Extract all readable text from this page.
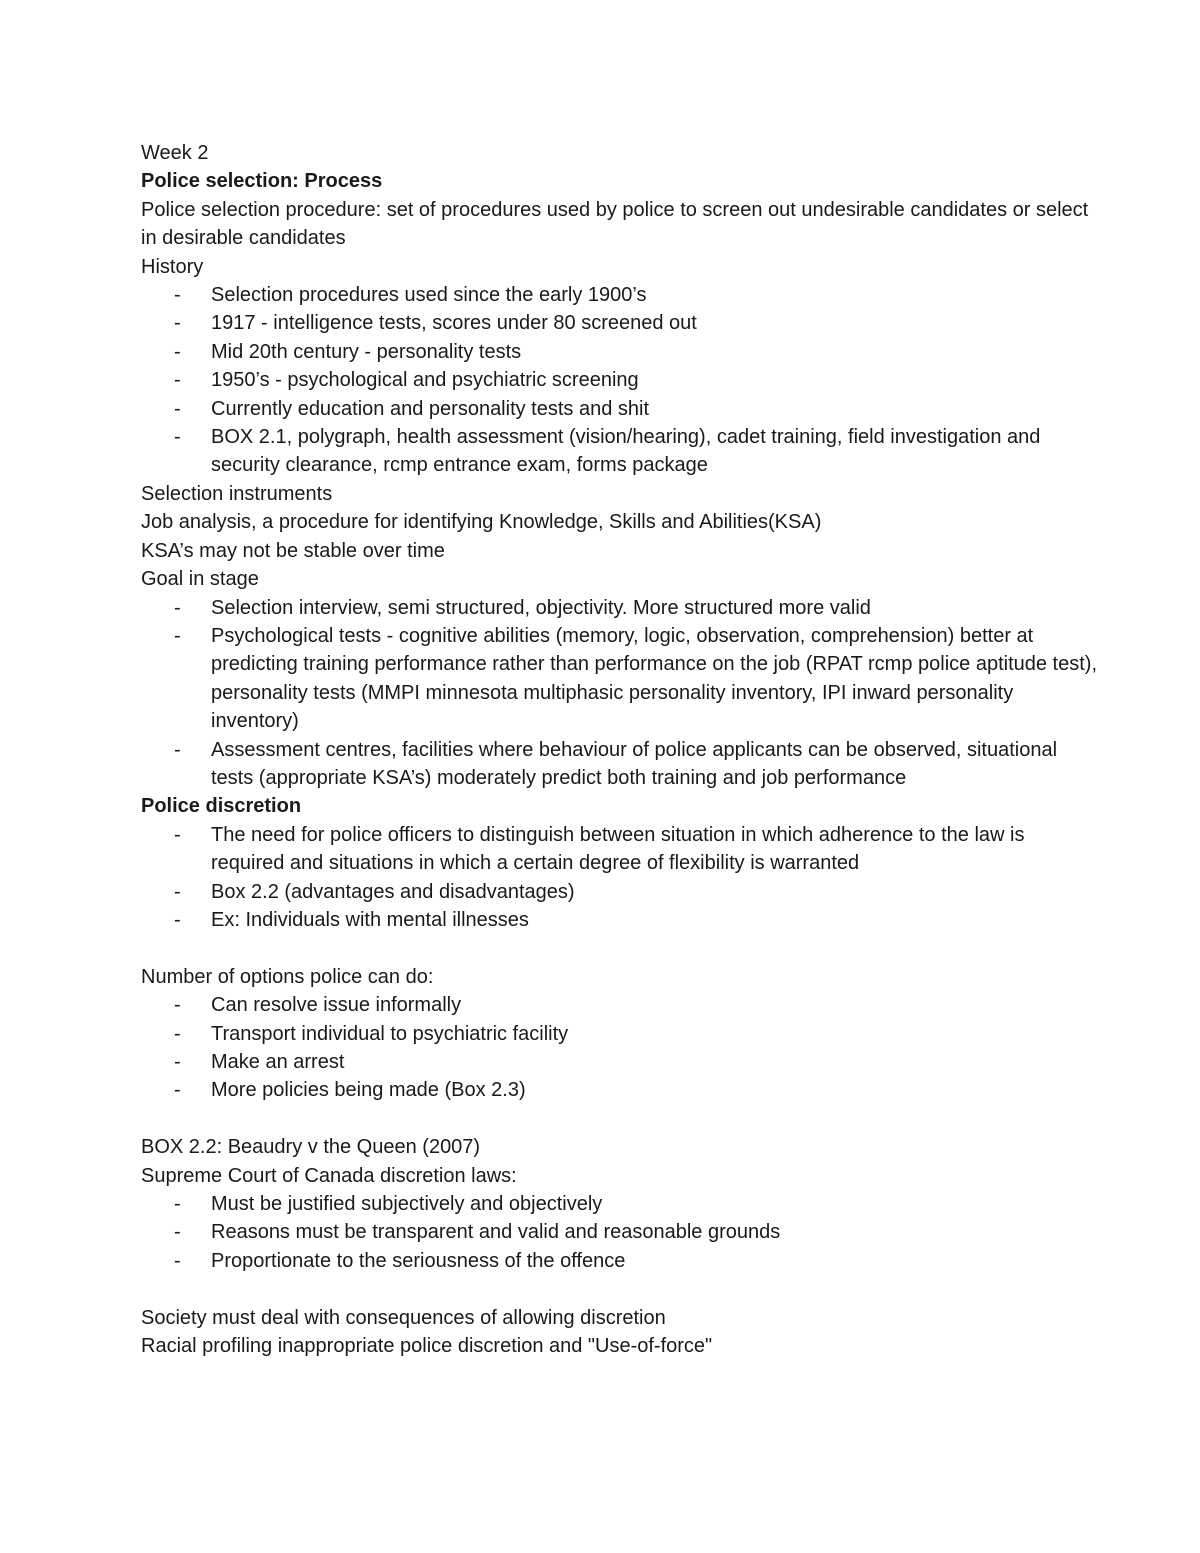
Week 2

Police selection: Process

Police selection procedure: set of procedures used by police to screen out undesirable candidates or select in desirable candidates

History

- Selection procedures used since the early 1900’s
- 1917 - intelligence tests, scores under 80 screened out
- Mid 20th century - personality tests
- 1950’s - psychological and psychiatric screening
- Currently education and personality tests and shit
- BOX 2.1, polygraph, health assessment (vision/hearing), cadet training, field investigation and security clearance, rcmp entrance exam, forms package

Selection instruments

Job analysis, a procedure for identifying Knowledge, Skills and Abilities(KSA)

KSA’s may not be stable over time

Goal in stage

- Selection interview, semi structured, objectivity. More structured more valid
- Psychological tests - cognitive abilities (memory, logic, observation, comprehension) better at predicting training performance rather than performance on the job (RPAT rcmp police aptitude test), personality tests (MMPI minnesota multiphasic personality inventory, IPI inward personality inventory)
- Assessment centres, facilities where behaviour of police applicants can be observed, situational tests (appropriate KSA’s) moderately predict both training and job performance

Police discretion

- The need for police officers to distinguish between situation in which adherence to the law is required and situations in which a certain degree of flexibility is warranted
- Box 2.2 (advantages and disadvantages)
- Ex: Individuals with mental illnesses

Number of options police can do:

- Can resolve issue informally
- Transport individual to psychiatric facility
- Make an arrest
- More policies being made (Box 2.3)

BOX 2.2: Beaudry v the Queen (2007)

Supreme Court of Canada discretion laws:

- Must be justified subjectively and objectively
- Reasons must be transparent and valid and reasonable grounds
- Proportionate to the seriousness of the offence

Society must deal with consequences of allowing discretion

Racial profiling inappropriate police discretion and "Use-of-force"
